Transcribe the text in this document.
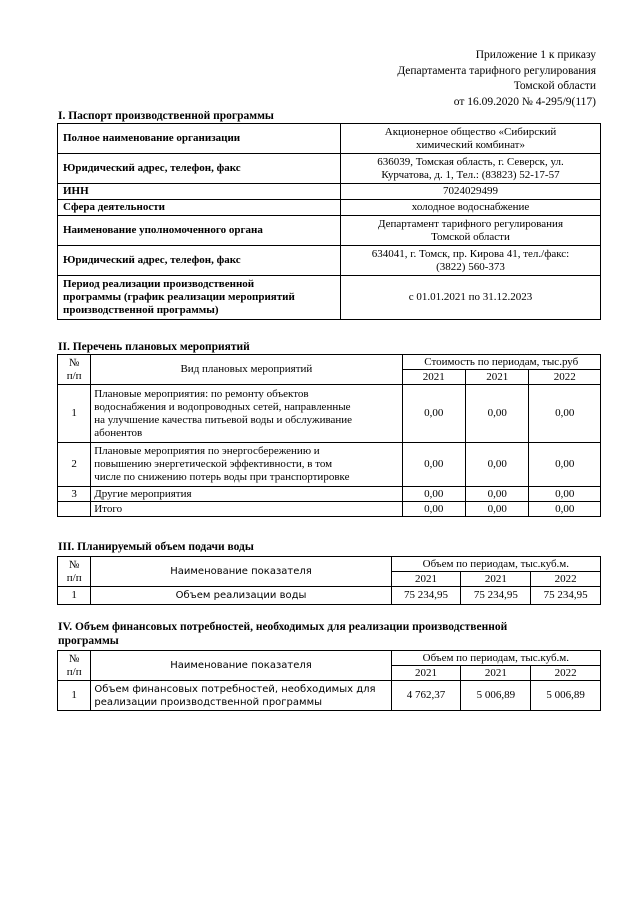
Приложение 1 к приказу
Департамента тарифного регулирования
Томской области
от 16.09.2020 № 4-295/9(117)
I. Паспорт производственной программы
Полное наименование организации	Акционерное общество «Сибирский
химический комбинат»
Юридический адрес, телефон, факс	636039, Томская область, г. Северск, ул.
Курчатова, д. 1, Тел.: (83823) 52-17-57
ИНН	7024029499
Сфера деятельности	холодное водоснабжение
Наименование уполномоченного органа	Департамент тарифного регулирования
Томской области
Юридический адрес, телефон, факс	634041, г. Томск, пр. Кирова 41, тел./факс:
(3822) 560-373
Период реализации производственной
программы (график реализации мероприятий
производственной программы)	с 01.01.2021 по 31.12.2023
II. Перечень плановых мероприятий
№
п/п	Вид плановых мероприятий	Стоимость по периодам, тыс.руб		
		2021	2021	2022
1	Плановые мероприятия: по ремонту объектов
водоснабжения и водопроводных сетей, направленные
на улучшение качества питьевой воды и обслуживание
абонентов	0,00	0,00	0,00
2	Плановые мероприятия по энергосбережению и
повышению энергетической эффективности, в том
числе по снижению потерь воды при транспортировке	0,00	0,00	0,00
3	Другие мероприятия	0,00	0,00	0,00
	Итого	0,00	0,00	0,00
III. Планируемый объем подачи воды
№
п/п	Наименование показателя	Объем по периодам, тыс.куб.м.		
		2021	2021	2022
1	Объем реализации воды	75 234,95	75 234,95	75 234,95
IV. Объем финансовых потребностей, необходимых для реализации производственной
программы
№
п/п	Наименование показателя	Объем по периодам, тыс.куб.м.		
		2021	2021	2022
1	Объем финансовых потребностей, необходимых для
реализации производственной программы	4 762,37	5 006,89	5 006,89
